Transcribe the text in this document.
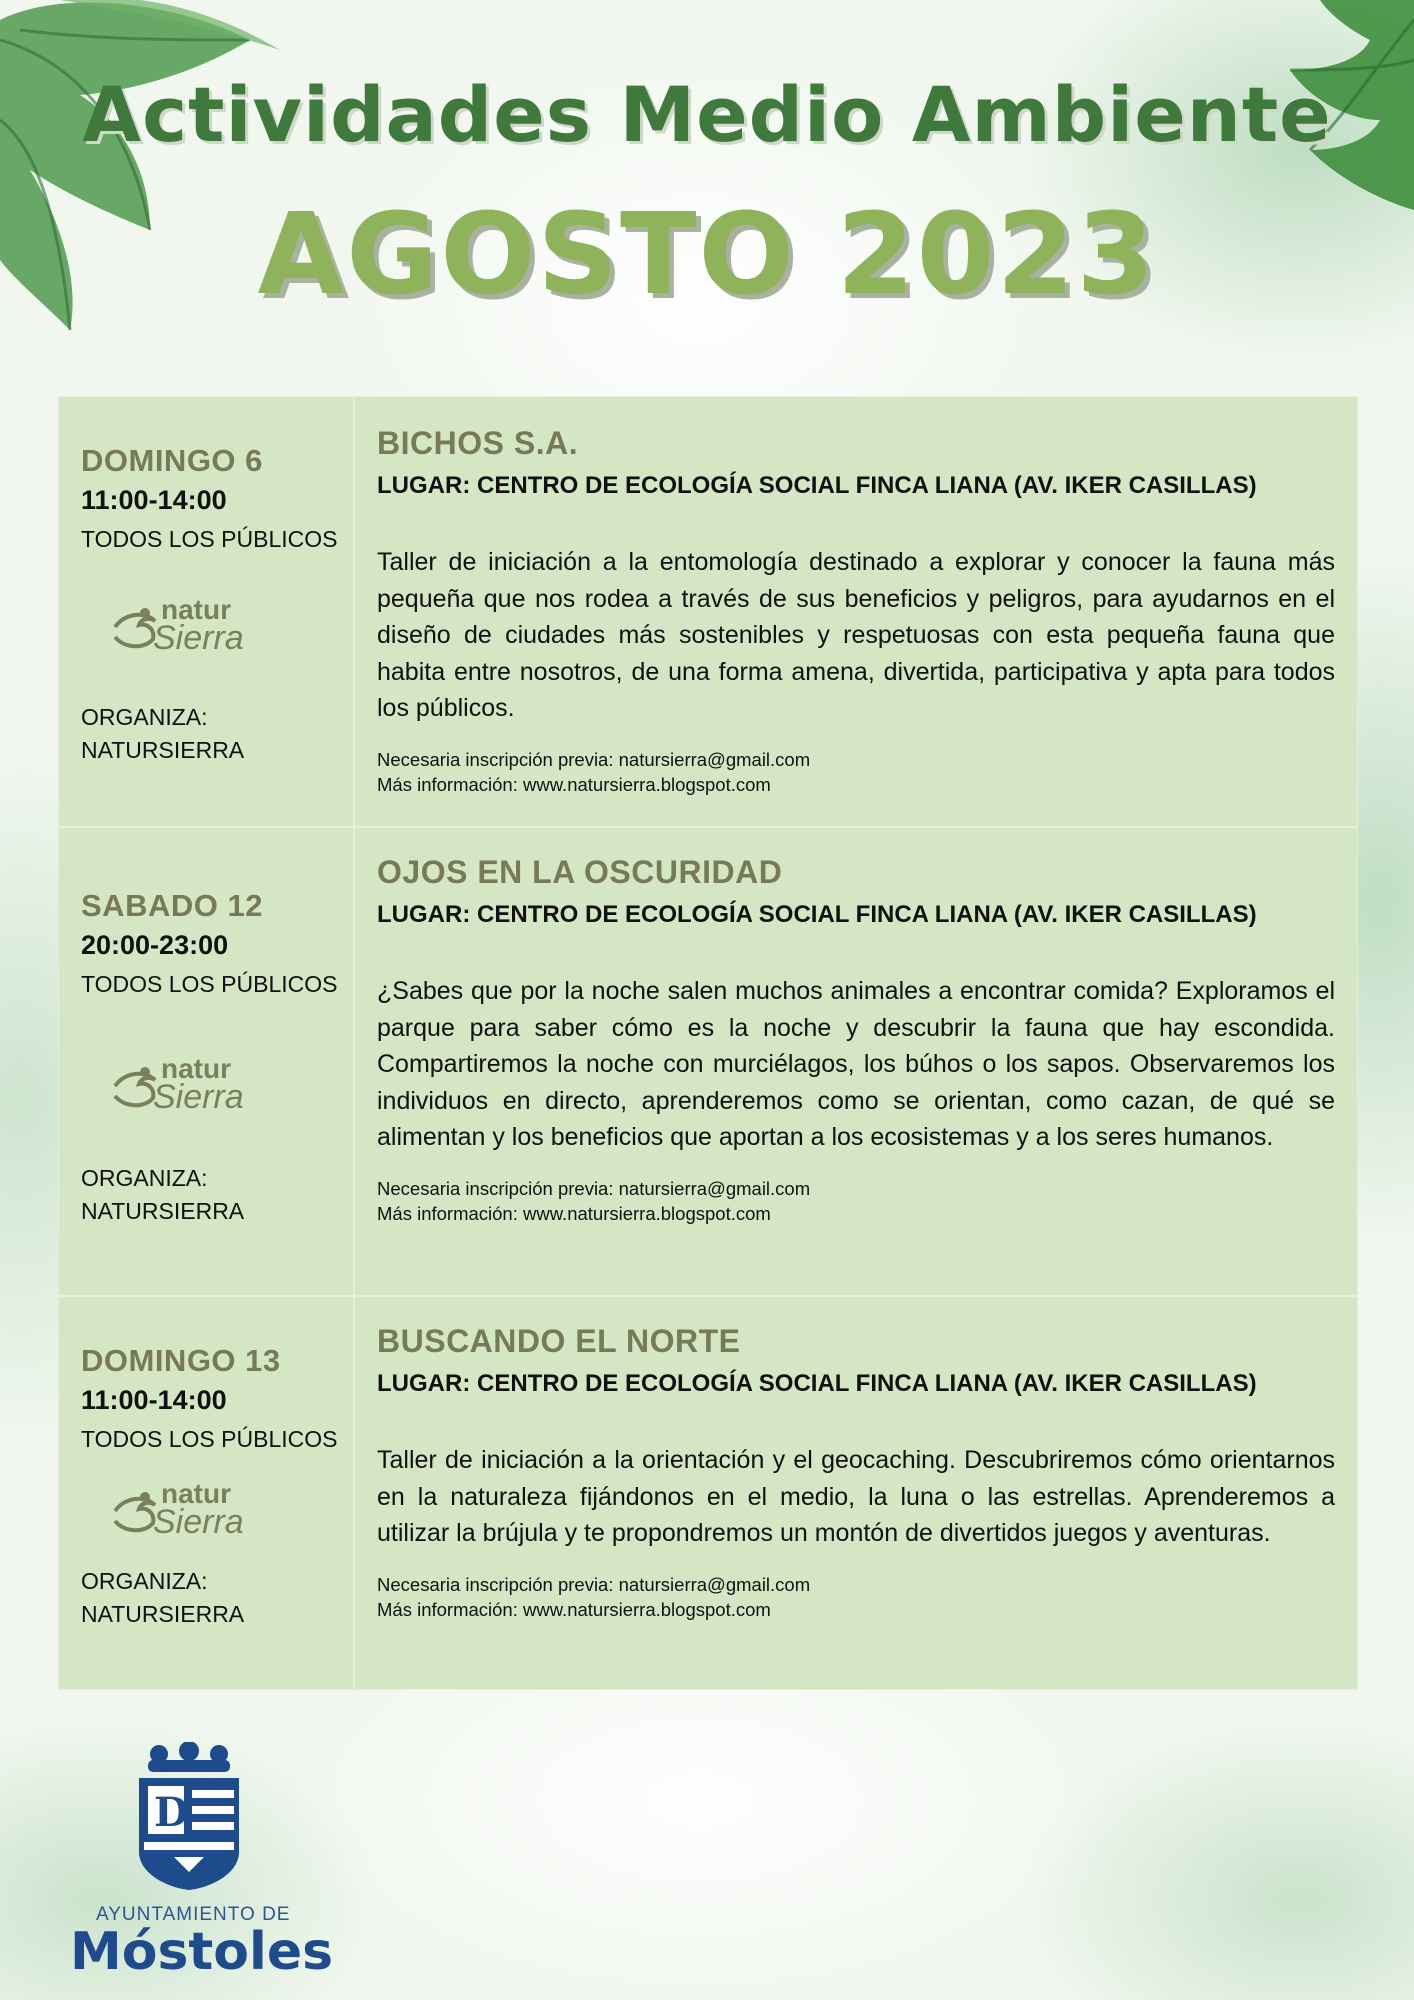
Actividades Medio Ambiente
AGOSTO 2023
DOMINGO 6
11:00-14:00
TODOS LOS PÚBLICOS
natur
Sierra
ORGANIZA:
NATURSIERRA
BICHOS S.A.
LUGAR: CENTRO DE ECOLOGÍA SOCIAL FINCA LIANA (AV. IKER CASILLAS)
Taller de iniciación a la entomología destinado a explorar y conocer la fauna más pequeña que nos rodea a través de sus beneficios y peligros, para ayudarnos en el diseño de ciudades más sostenibles y respetuosas con esta pequeña fauna que habita entre nosotros, de una forma amena, divertida, participativa y apta para todos los públicos.
Necesaria inscripción previa: natursierra@gmail.com
Más información: www.natursierra.blogspot.com
SABADO 12
20:00-23:00
TODOS LOS PÚBLICOS
natur
Sierra
ORGANIZA:
NATURSIERRA
OJOS EN LA OSCURIDAD
LUGAR: CENTRO DE ECOLOGÍA SOCIAL FINCA LIANA (AV. IKER CASILLAS)
¿Sabes que por la noche salen muchos animales a encontrar comida? Exploramos el parque para saber cómo es la noche y descubrir la fauna que hay escondida. Compartiremos la noche con murciélagos, los búhos o los sapos. Observaremos los individuos en directo, aprenderemos como se orientan, como cazan, de qué se alimentan y los beneficios que aportan a los ecosistemas y a los seres humanos.
Necesaria inscripción previa: natursierra@gmail.com
Más información: www.natursierra.blogspot.com
DOMINGO 13
11:00-14:00
TODOS LOS PÚBLICOS
natur
Sierra
ORGANIZA:
NATURSIERRA
BUSCANDO EL NORTE
LUGAR: CENTRO DE ECOLOGÍA SOCIAL FINCA LIANA (AV. IKER CASILLAS)
Taller de iniciación a la orientación y el geocaching. Descubriremos cómo orientarnos en la naturaleza fijándonos en el medio, la luna o las estrellas. Aprenderemos a utilizar la brújula y te propondremos un montón de divertidos juegos y aventuras.
Necesaria inscripción previa: natursierra@gmail.com
Más información: www.natursierra.blogspot.com
D
AYUNTAMIENTO DE
Móstoles
